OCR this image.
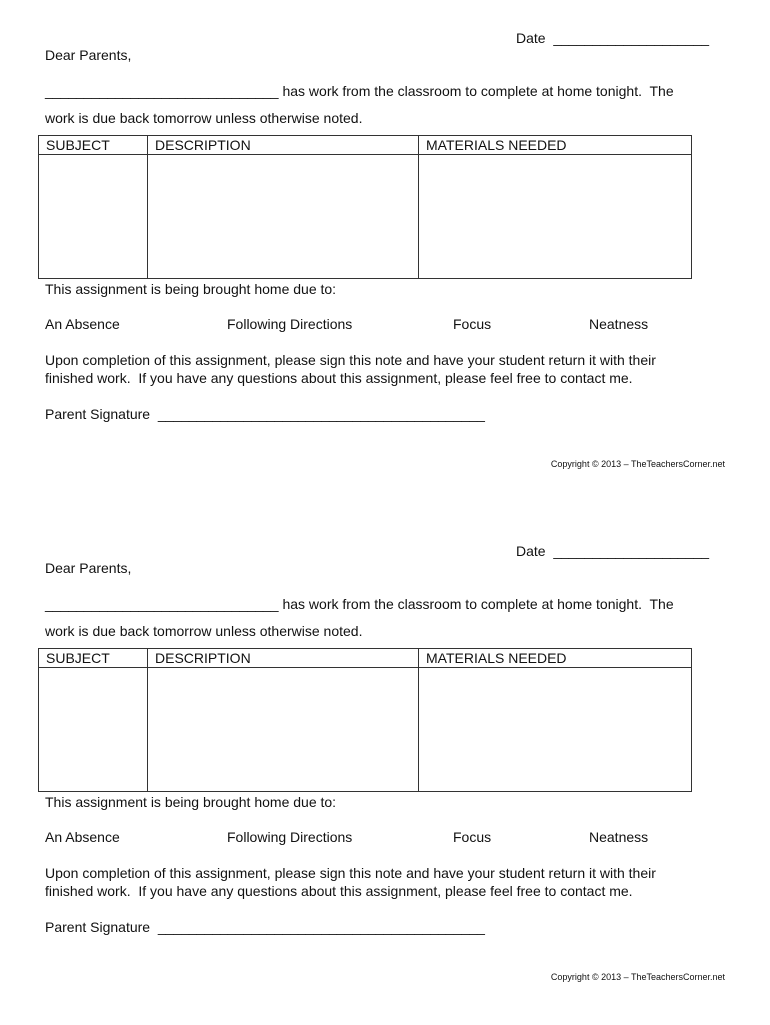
Date  ____________________
Dear Parents,
______________________________ has work from the classroom to complete at home tonight.  The
work is due back tomorrow unless otherwise noted.
SUBJECT	DESCRIPTION	MATERIALS NEEDED

This assignment is being brought home due to:
An Absence	Following Directions	Focus	Neatness
Upon completion of this assignment, please sign this note and have your student return it with their
finished work.  If you have any questions about this assignment, please feel free to contact me.
Parent Signature  __________________________________________
Copyright © 2013 – TheTeachersCorner.net
Date  ____________________
Dear Parents,
______________________________ has work from the classroom to complete at home tonight.  The
work is due back tomorrow unless otherwise noted.
SUBJECT	DESCRIPTION	MATERIALS NEEDED

This assignment is being brought home due to:
An Absence	Following Directions	Focus	Neatness
Upon completion of this assignment, please sign this note and have your student return it with their
finished work.  If you have any questions about this assignment, please feel free to contact me.
Parent Signature  __________________________________________
Copyright © 2013 – TheTeachersCorner.net
